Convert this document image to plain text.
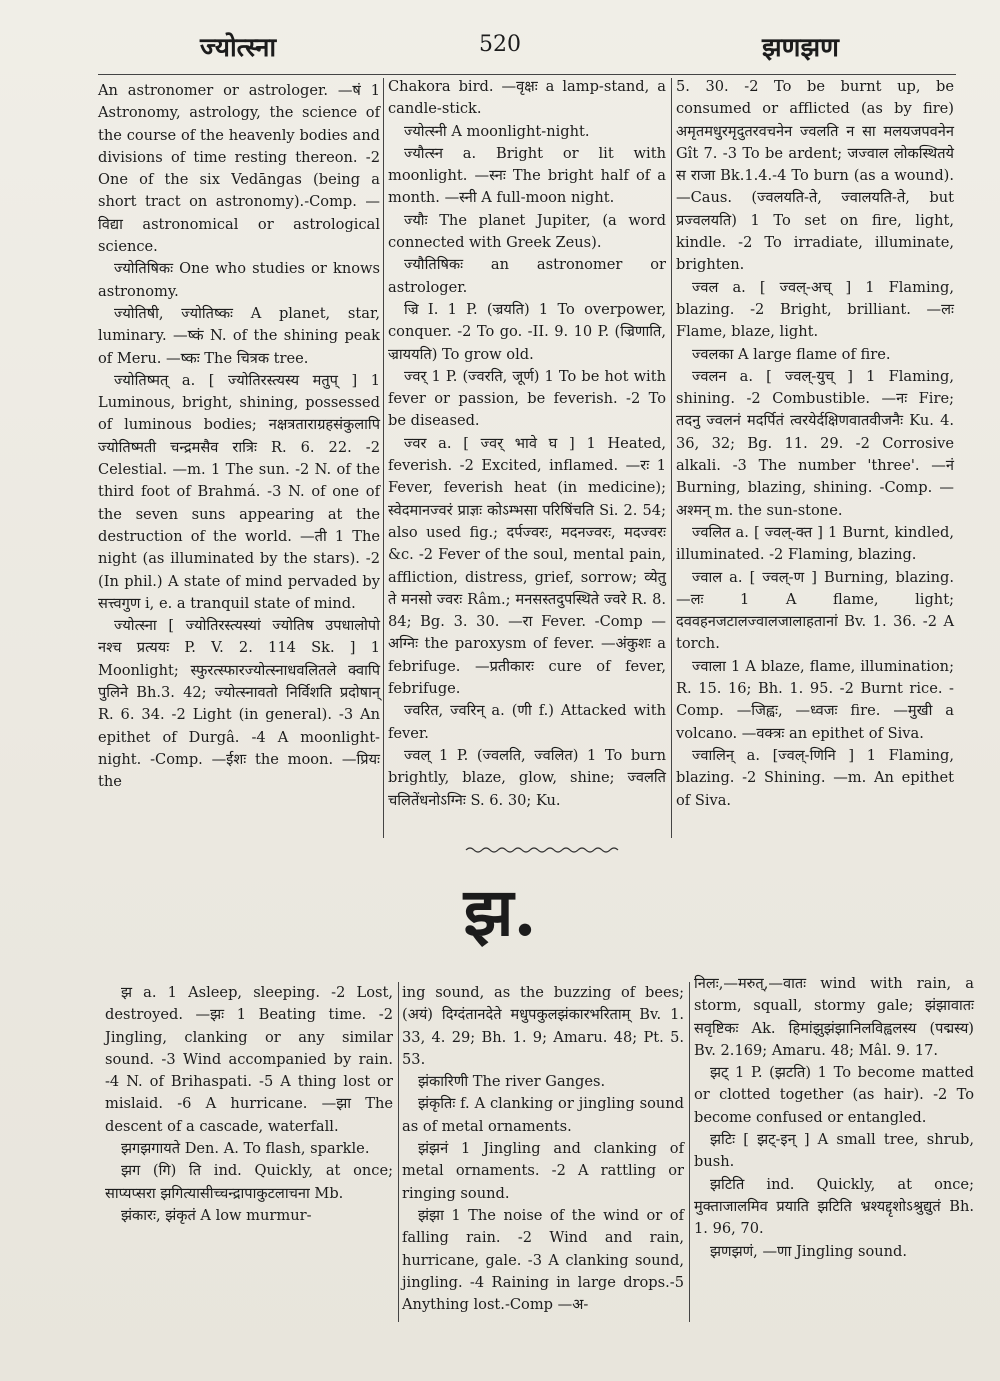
ज्योत्स्ना	520	झणझण

An astronomer or astrologer. —षं 1 Astronomy, astrology, the science of the course of the heavenly bodies and divisions of time resting thereon. -2 One of the six Vedāngas (being a short tract on astronomy).-Comp. —विद्या astronomical or astrological science.

ज्योतिषिकः One who studies or knows astronomy.

ज्योतिषी, ज्योतिष्कः A planet, star, luminary. —ष्कं N. of the shining peak of Meru. —ष्कः The चित्रक tree.

ज्योतिष्मत् a. [ ज्योतिरस्त्यस्य मतुप् ] 1 Luminous, bright, shining, possessed of luminous bodies; नक्षत्रताराग्रहसंकुलापि ज्योतिष्मती चन्द्रमसैव रात्रिः R. 6. 22. -2 Celestial. —m. 1 The sun. -2 N. of the third foot of Brahmá. -3 N. of one of the seven suns appearing at the destruction of the world. —ती 1 The night (as illuminated by the stars). -2 (In phil.) A state of mind pervaded by सत्त्वगुण i, e. a tranquil state of mind.

ज्योत्स्ना [ ज्योतिरस्त्यस्यां ज्योतिष उपधालोपो नश्च प्रत्ययः P. V. 2. 114 Sk. ] 1 Moonlight; स्फुरत्स्फारज्योत्स्नाधवलितले क्वापि पुलिने Bh.3. 42; ज्योत्स्नावतो निर्विशति प्रदोषान् R. 6. 34. -2 Light (in general). -3 An epithet of Durgâ. -4 A moonlight-night. -Comp. —ईशः the moon. —प्रियः the

Chakora bird. —वृक्षः a lamp-stand, a candle-stick.

ज्योत्स्नी A moonlight-night.

ज्यौत्स्न a. Bright or lit with moonlight. —स्नः The bright half of a month. —स्नी A full-moon night.

ज्यौः The planet Jupiter, (a word connected with Greek Zeus).

ज्यौतिषिकः an astronomer or astrologer.

ज्रि I. 1 P. (ज्रयति) 1 To overpower, conquer. -2 To go. -II. 9. 10 P. (ज्रिणाति, ज्राययति) To grow old.

ज्वर् 1 P. (ज्वरति, जूर्ण) 1 To be hot with fever or passion, be feverish. -2 To be diseased.

ज्वर a. [ ज्वर् भावे घ ] 1 Heated, feverish. -2 Excited, inflamed. —रः 1 Fever, feverish heat (in medicine); स्वेदमानज्वरं प्राज्ञः कोऽम्भसा परिषिंचति Si. 2. 54; also used fig.; दर्पज्वरः, मदनज्वरः, मदज्वरः &c. -2 Fever of the soul, mental pain, affliction, distress, grief, sorrow; व्येतु ते मनसो ज्वरः Râm.; मनसस्तदुपस्थिते ज्वरे R. 8. 84; Bg. 3. 30. —रा Fever. -Comp —अग्निः the paroxysm of fever. —अंकुशः a febrifuge. —प्रतीकारः cure of fever, febrifuge.

ज्वरित, ज्वरिन् a. (णी f.) Attacked with fever.

ज्वल् 1 P. (ज्वलति, ज्वलित) 1 To burn brightly, blaze, glow, shine; ज्वलति चलितेंधनोऽग्निः S. 6. 30; Ku.

5. 30. -2 To be burnt up, be consumed or afflicted (as by fire) अमृतमधुरमृदुतरवचनेन ज्वलति न सा मलयजपवनेन Gît 7. -3 To be ardent; जज्वाल लोकस्थितये स राजा Bk.1.4.-4 To burn (as a wound). —Caus. (ज्वलयति-ते, ज्वालयति-ते, but प्रज्वलयति) 1 To set on fire, light, kindle. -2 To irradiate, illuminate, brighten.

ज्वल a. [ ज्वल्-अच् ] 1 Flaming, blazing. -2 Bright, brilliant. —लः Flame, blaze, light.

ज्वलका A large flame of fire.

ज्वलन a. [ ज्वल्-युच् ] 1 Flaming, shining. -2 Combustible. —नः Fire; तदनु ज्वलनं मदर्पितं त्वरयेर्दक्षिणवातवीजनैः Ku. 4. 36, 32; Bg. 11. 29. -2 Corrosive alkali. -3 The number 'three'. —नं Burning, blazing, shining. -Comp. —अश्मन् m. the sun-stone.

ज्वलित a. [ ज्वल्-क्त ] 1 Burnt, kindled, illuminated. -2 Flaming, blazing.

ज्वाल a. [ ज्वल्-ण ] Burning, blazing. —लः 1 A flame, light; दववहनजटालज्वालजालाहतानां Bv. 1. 36. -2 A torch.

ज्वाला 1 A blaze, flame, illumination; R. 15. 16; Bh. 1. 95. -2 Burnt rice. -Comp. —जिह्वः, —ध्वजः fire. —मुखी a volcano. —वक्त्रः an epithet of Siva.

ज्वालिन् a. [ज्वल्-णिनि ] 1 Flaming, blazing. -2 Shining. —m. An epithet of Siva.

झ.

झ a. 1 Asleep, sleeping. -2 Lost, destroyed. —झः 1 Beating time. -2 Jingling, clanking or any similar sound. -3 Wind accompanied by rain. -4 N. of Brihaspati. -5 A thing lost or mislaid. -6 A hurricane. —झा The descent of a cascade, waterfall.

झगझगायते Den. A. To flash, sparkle.

झग (गि) ति ind. Quickly, at once; साप्यप्सरा झगित्यासीच्चन्द्रापाकुटलाचना Mb.

झंकारः, झंकृतं A low murmur-

ing sound, as the buzzing of bees; (अयं) दिग्दंतानदेते मधुपकुलझंकारभरिताम् Bv. 1. 33, 4. 29; Bh. 1. 9; Amaru. 48; Pt. 5. 53.

झंकारिणी The river Ganges.

झंकृतिः f. A clanking or jingling sound as of metal ornaments.

झंझनं 1 Jingling and clanking of metal ornaments. -2 A rattling or ringing sound.

झंझा 1 The noise of the wind or of falling rain. -2 Wind and rain, hurricane, gale. -3 A clanking sound, jingling. -4 Raining in large drops.-5 Anything lost.-Comp —अ-

निलः,—मरुत्,—वातः wind with rain, a storm, squall, stormy gale; झंझावातः सवृष्टिकः Ak. हिमांझुझंझानिलविह्वलस्य (पद्मस्य) Bv. 2.169; Amaru. 48; Mâl. 9. 17.

झट् 1 P. (झटति) 1 To become matted or clotted together (as hair). -2 To become confused or entangled.

झटिः [ झट्-इन् ] A small tree, shrub, bush.

झटिति ind. Quickly, at once; मुक्ताजालमिव प्रयाति झटिति भ्रश्यद्दृशोऽश्रुद्युतं Bh. 1. 96, 70.

झणझणं, —णा Jingling sound.
